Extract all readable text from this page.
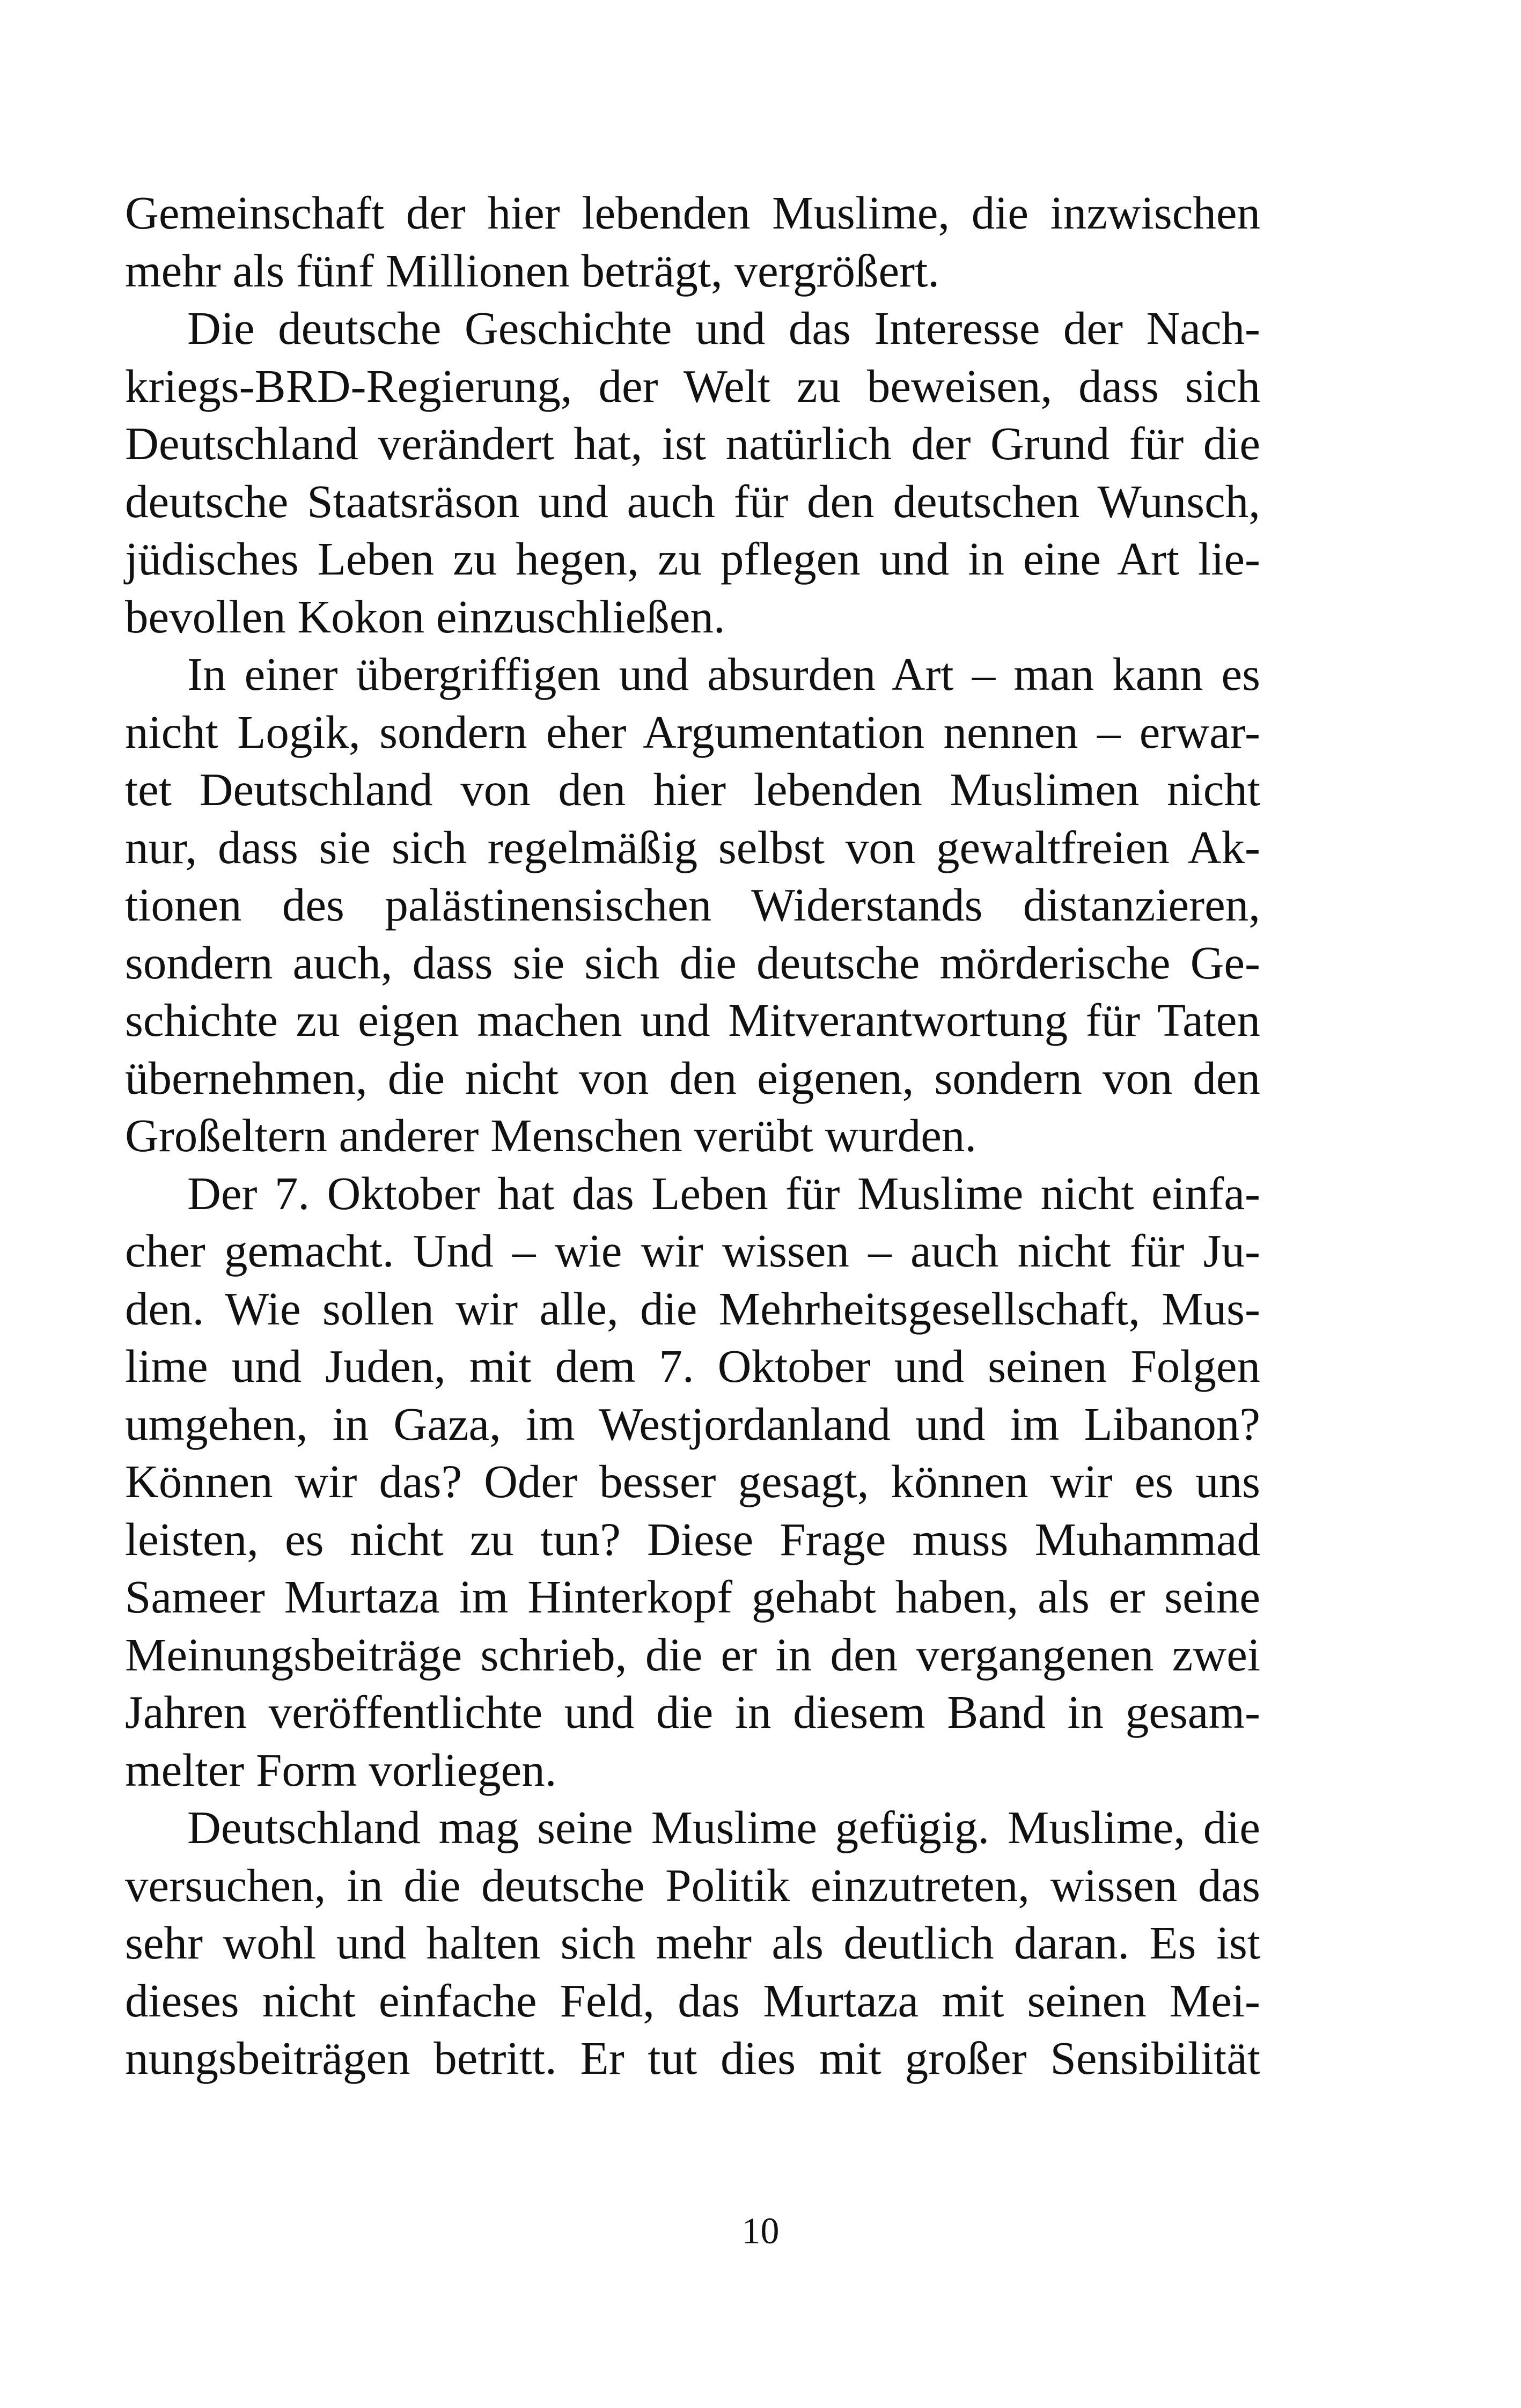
Gemeinschaft der hier lebenden Muslime, die inzwischen
mehr als fünf Millionen beträgt, vergrößert.
Die deutsche Geschichte und das Interesse der Nach-
kriegs-BRD-Regierung, der Welt zu beweisen, dass sich
Deutschland verändert hat, ist natürlich der Grund für die
deutsche Staatsräson und auch für den deutschen Wunsch,
jüdisches Leben zu hegen, zu pflegen und in eine Art lie-
bevollen Kokon einzuschließen.
In einer übergriffigen und absurden Art – man kann es
nicht Logik, sondern eher Argumentation nennen – erwar-
tet Deutschland von den hier lebenden Muslimen nicht
nur, dass sie sich regelmäßig selbst von gewaltfreien Ak-
tionen des palästinensischen Widerstands distanzieren,
sondern auch, dass sie sich die deutsche mörderische Ge-
schichte zu eigen machen und Mitverantwortung für Taten
übernehmen, die nicht von den eigenen, sondern von den
Großeltern anderer Menschen verübt wurden.
Der 7. Oktober hat das Leben für Muslime nicht einfa-
cher gemacht. Und – wie wir wissen – auch nicht für Ju-
den. Wie sollen wir alle, die Mehrheitsgesellschaft, Mus-
lime und Juden, mit dem 7. Oktober und seinen Folgen
umgehen, in Gaza, im Westjordanland und im Libanon?
Können wir das? Oder besser gesagt, können wir es uns
leisten, es nicht zu tun? Diese Frage muss Muhammad
Sameer Murtaza im Hinterkopf gehabt haben, als er seine
Meinungsbeiträge schrieb, die er in den vergangenen zwei
Jahren veröffentlichte und die in diesem Band in gesam-
melter Form vorliegen.
Deutschland mag seine Muslime gefügig. Muslime, die
versuchen, in die deutsche Politik einzutreten, wissen das
sehr wohl und halten sich mehr als deutlich daran. Es ist
dieses nicht einfache Feld, das Murtaza mit seinen Mei-
nungsbeiträgen betritt. Er tut dies mit großer Sensibilität
10
